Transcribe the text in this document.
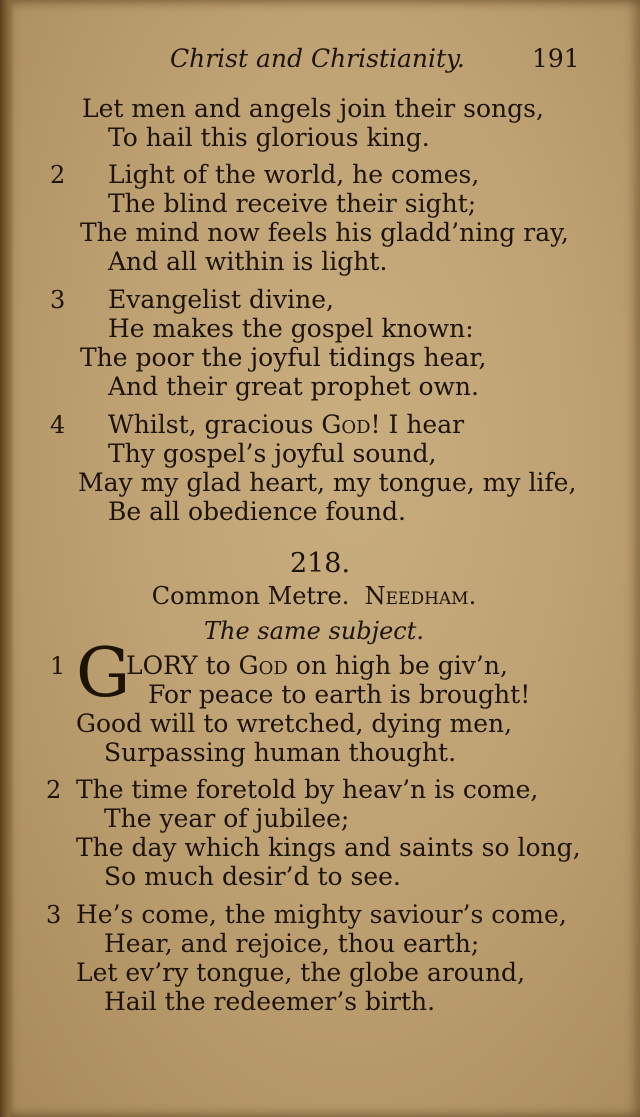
Christ and Christianity.	191
Let men and angels join their songs,
To hail this glorious king.
2 Light of the world, he comes,
The blind receive their sight;
The mind now feels his gladd’ning ray,
And all within is light.
3 Evangelist divine,
He makes the gospel known:
The poor the joyful tidings hear,
And their great prophet own.
4 Whilst, gracious God! I hear
Thy gospel’s joyful sound,
May my glad heart, my tongue, my life,
Be all obedience found.
218.
Common Metre. Needham.
The same subject.
1 G
LORY to God on high be giv’n,
For peace to earth is brought!
Good will to wretched, dying men,
Surpassing human thought.
2 The time foretold by heav’n is come,
The year of jubilee;
The day which kings and saints so long,
So much desir’d to see.
3 He’s come, the mighty saviour’s come,
Hear, and rejoice, thou earth;
Let ev’ry tongue, the globe around,
Hail the redeemer’s birth.
